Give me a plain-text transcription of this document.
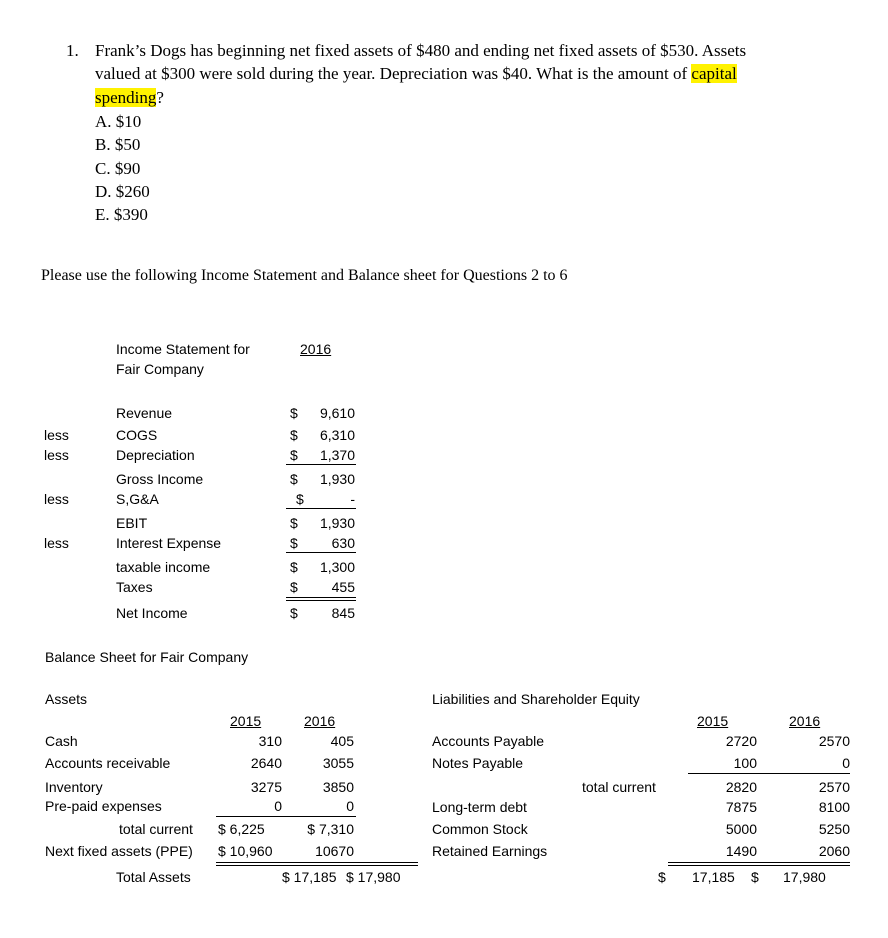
1. Frank’s Dogs has beginning net fixed assets of $480 and ending net fixed assets of $530. Assets
valued at $300 were sold during the year. Depreciation was $40. What is the amount of capital
spending?
A. $10
B. $50
C. $90
D. $260
E. $390
Please use the following Income Statement and Balance sheet for Questions 2 to 6
Income Statement for
Fair Company
2016
Revenue	$	9,610
less	COGS	$	6,310
less	Depreciation	$	1,370
Gross Income	$	1,930
less	S,G&A	$	-
EBIT	$	1,930
less	Interest Expense	$	630
taxable income	$	1,300
Taxes	$	455
Net Income	$	845
Balance Sheet for Fair Company
Assets
2015	2016
Cash	310	405
Accounts receivable	2640	3055
Inventory	3275	3850
Pre-paid expenses	0	0
total current $ 6,225	$ 7,310
Next fixed assets (PPE) $ 10,960	10670
Total Assets	$ 17,185 $ 17,980
Liabilities and Shareholder Equity
2015	2016
Accounts Payable	2720	2570
Notes Payable	100	0
total current	2820	2570
Long-term debt	7875	8100
Common Stock	5000	5250
Retained Earnings	1490	2060
$ 17,185 $ 17,980
